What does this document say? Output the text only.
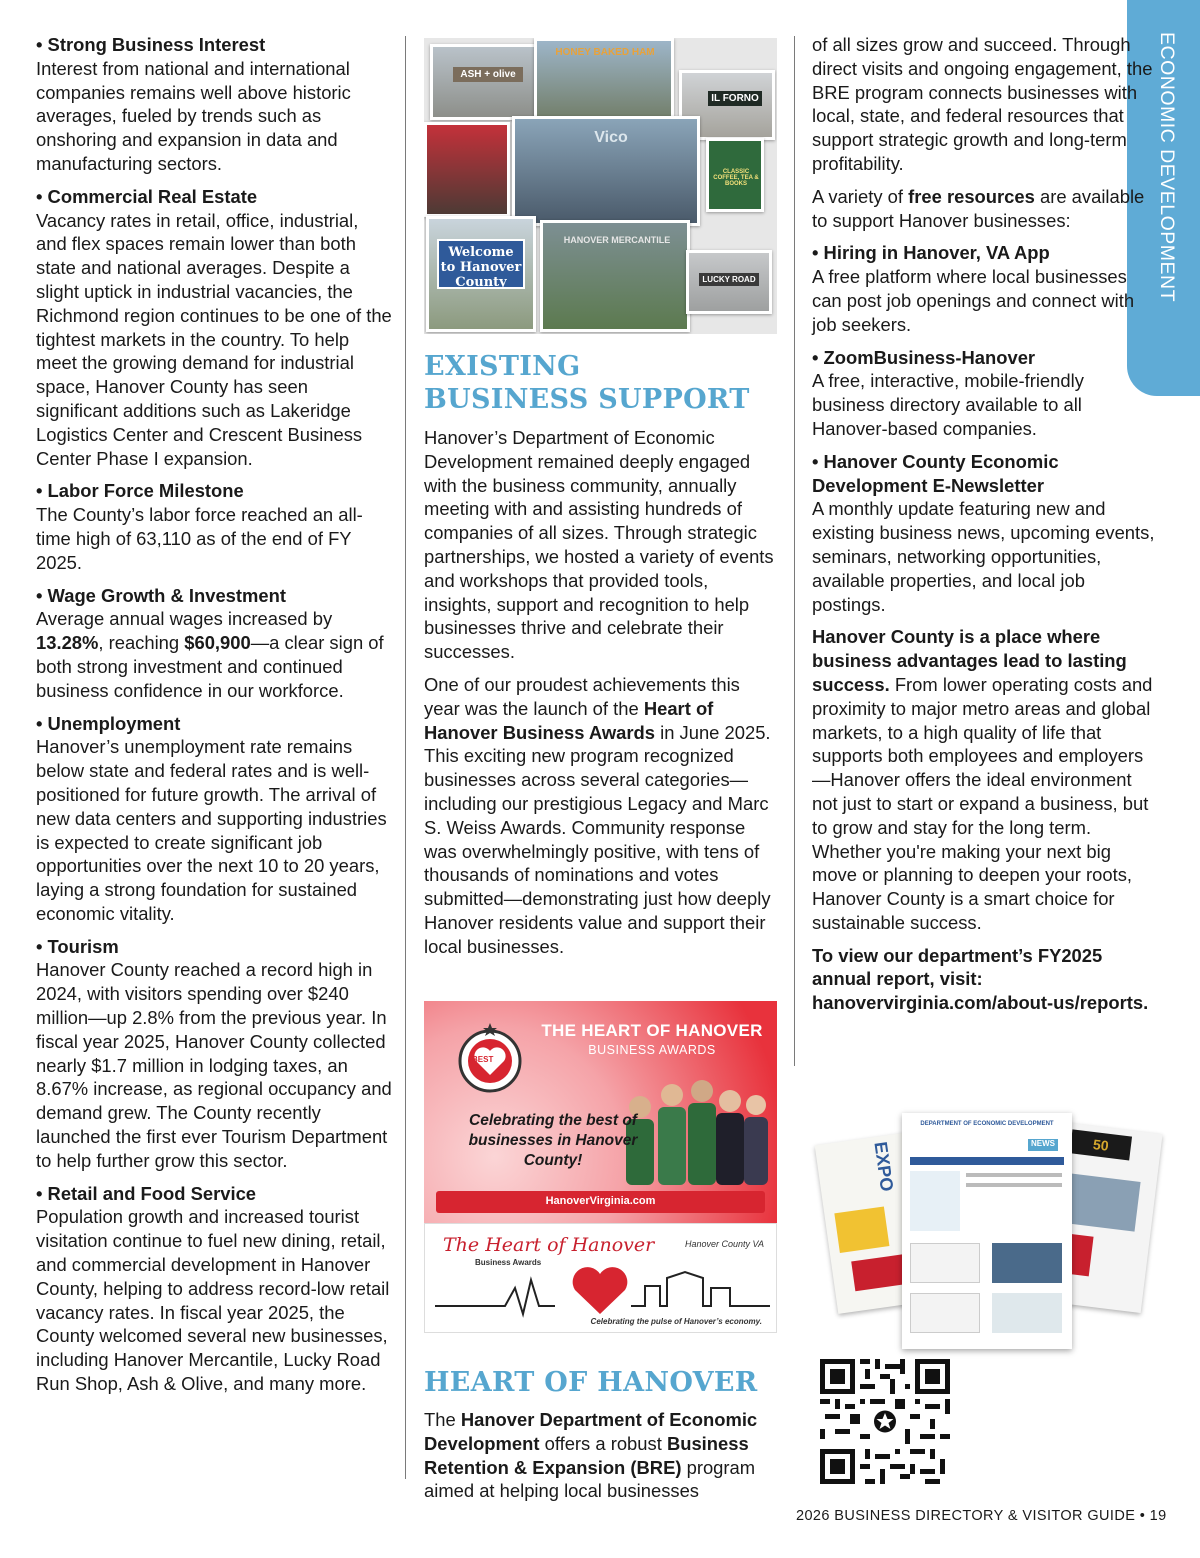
ECONOMIC DEVELOPMENT

• Strong Business Interest
Interest from national and international companies remains well above historic averages, fueled by trends such as onshoring and expansion in data and manufacturing sectors.

• Commercial Real Estate
Vacancy rates in retail, office, industrial, and flex spaces remain lower than both state and national averages. Despite a slight uptick in industrial vacancies, the Richmond region continues to be one of the tightest markets in the country. To help meet the growing demand for industrial space, Hanover County has seen significant additions such as Lakeridge Logistics Center and Crescent Business Center Phase I expansion.

• Labor Force Milestone
The County’s labor force reached an all-time high of 63,110 as of the end of FY 2025.

• Wage Growth & Investment
Average annual wages increased by 13.28%, reaching $60,900—a clear sign of both strong investment and continued business confidence in our workforce.

• Unemployment
Hanover’s unemployment rate remains below state and federal rates and is well-positioned for future growth. The arrival of new data centers and supporting industries is expected to create significant job opportunities over the next 10 to 20 years, laying a strong foundation for sustained economic vitality.

• Tourism
Hanover County reached a record high in 2024, with visitors spending over $240 million—up 2.8% from the previous year. In fiscal year 2025, Hanover County collected nearly $1.7 million in lodging taxes, an 8.67% increase, as regional occupancy and demand grew. The County recently launched the first ever Tourism Department to help further grow this sector.

• Retail and Food Service
Population growth and increased tourist visitation continue to fuel new dining, retail, and commercial development in Hanover County, helping to address record-low retail vacancy rates. In fiscal year 2025, the County welcomed several new businesses, including Hanover Mercantile, Lucky Road Run Shop, Ash & Olive, and many more.

ASH + olive
HONEY BAKED HAM
IL FORNO
Vico
CLASSIC COFFEE, TEA & BOOKS
Welcome to Hanover County
HANOVER MERCANTILE
LUCKY ROAD
EXISTING
BUSINESS SUPPORT

Hanover’s Department of Economic Development remained deeply engaged with the business community, annually meeting with and assisting hundreds of companies of all sizes. Through strategic partnerships, we hosted a variety of events and workshops that provided tools, insights, support and recognition to help businesses thrive and celebrate their successes.

One of our proudest achievements this year was the launch of the Heart of Hanover Business Awards in June 2025. This exciting new program recognized businesses across several categories—including our prestigious Legacy and Marc S. Weiss Awards. Community response was overwhelmingly positive, with tens of thousands of nominations and votes submitted—demonstrating just how deeply Hanover residents value and support their local businesses.

BEST
THE HEART OF HANOVER
BUSINESS AWARDS
Celebrating the best of businesses in Hanover County!
HanoverVirginia.com
The Heart of Hanover
Business Awards
Hanover County VA
Celebrating the pulse of Hanover’s economy.
HEART OF HANOVER

The Hanover Department of Economic Development offers a robust Business Retention & Expansion (BRE) program aimed at helping local businesses

of all sizes grow and succeed. Through direct visits and ongoing engagement, the BRE program connects businesses with local, state, and federal resources that support strategic growth and long-term profitability.

A variety of free resources are available to support Hanover businesses:

• Hiring in Hanover, VA App
A free platform where local businesses can post job openings and connect with job seekers.

• ZoomBusiness-Hanover
A free, interactive, mobile-friendly business directory available to all Hanover-based companies.

• Hanover County Economic Development E-Newsletter
A monthly update featuring new and existing business news, upcoming events, seminars, networking opportunities, available properties, and local job postings.

Hanover County is a place where business advantages lead to lasting success. From lower operating costs and proximity to major metro areas and global markets, to a high quality of life that supports both employees and employers—Hanover offers the ideal environment not just to start or expand a business, but to grow and stay for the long term. Whether you're making your next big move or planning to deepen your roots, Hanover County is a smart choice for sustainable success.

To view our department’s FY2025
annual report, visit:
hanovervirginia.com/about-us/reports.

EXPO	50
DEPARTMENT OF ECONOMIC DEVELOPMENT
NEWS
2026 BUSINESS DIRECTORY & VISITOR GUIDE • 19
